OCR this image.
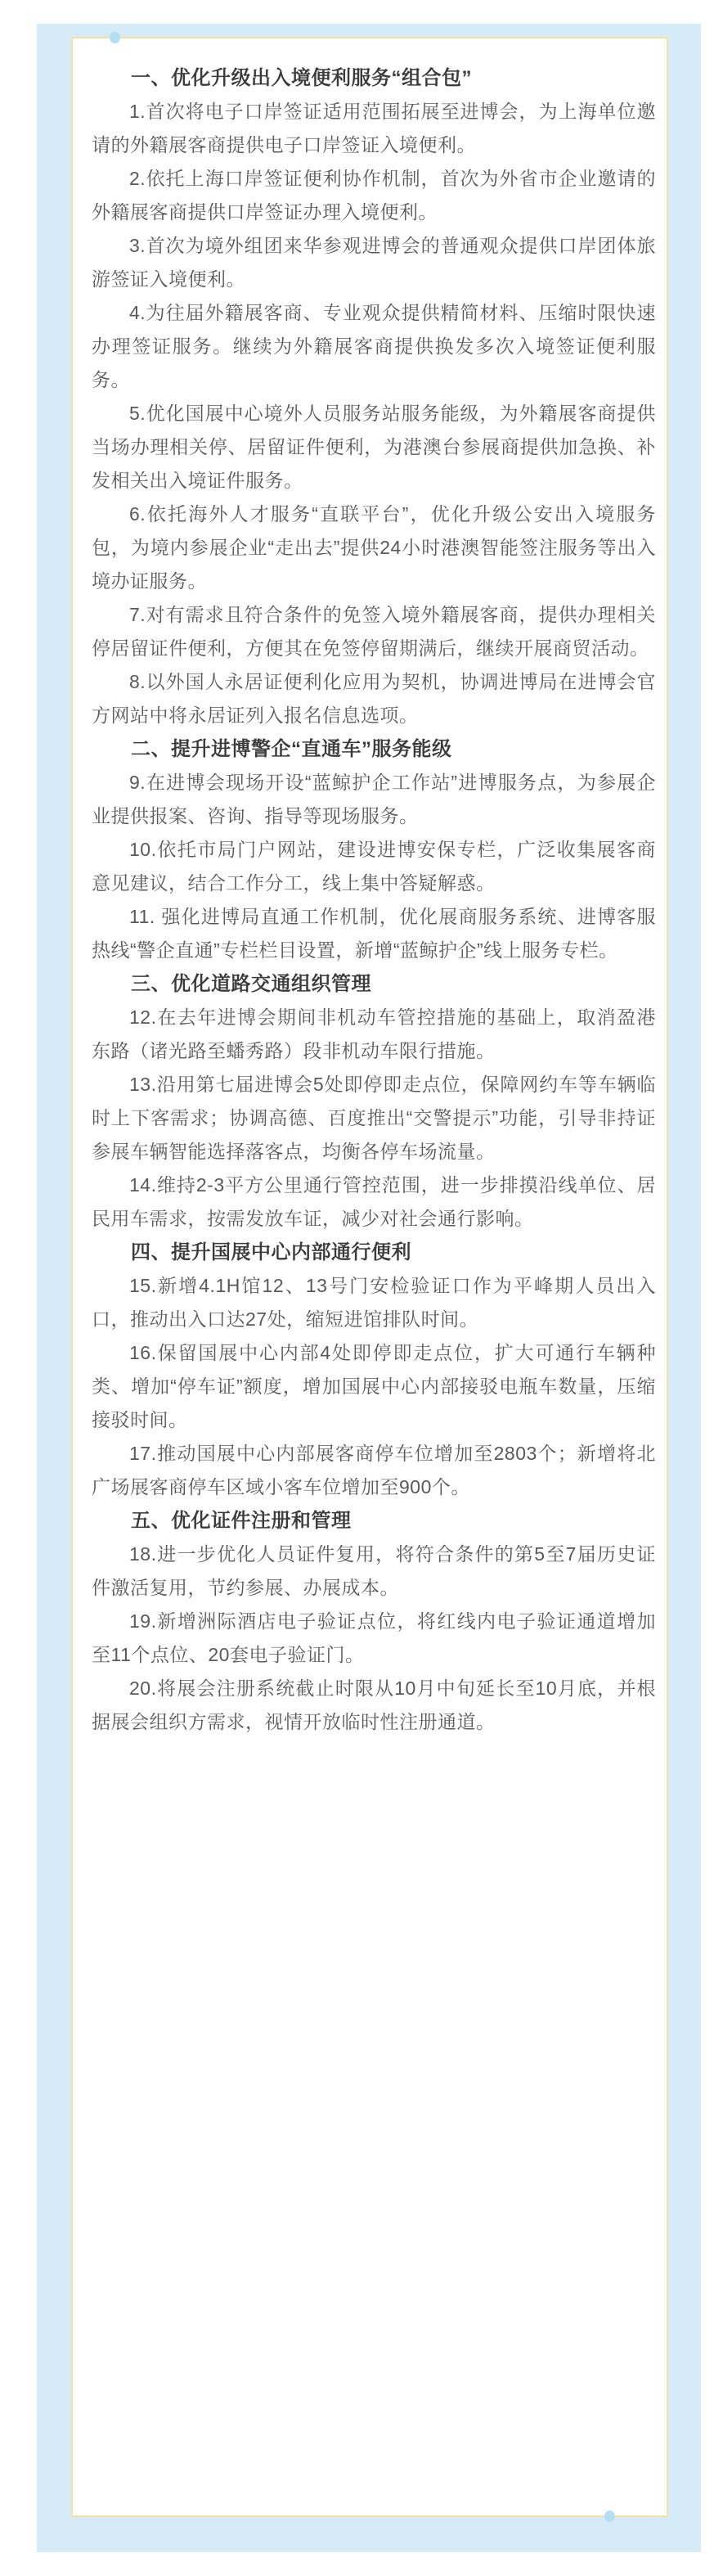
一、优化升级出入境便利服务“组合包”

1.首次将电子口岸签证适用范围拓展至进博会，为上海单位邀请的外籍展客商提供电子口岸签证入境便利。

2.依托上海口岸签证便利协作机制，首次为外省市企业邀请的外籍展客商提供口岸签证办理入境便利。

3.首次为境外组团来华参观进博会的普通观众提供口岸团体旅游签证入境便利。

4.为往届外籍展客商、专业观众提供精简材料、压缩时限快速办理签证服务。继续为外籍展客商提供换发多次入境签证便利服务。

5.优化国展中心境外人员服务站服务能级，为外籍展客商提供当场办理相关停、居留证件便利，为港澳台参展商提供加急换、补发相关出入境证件服务。

6.依托海外人才服务“直联平台”，优化升级公安出入境服务包，为境内参展企业“走出去”提供24小时港澳智能签注服务等出入境办证服务。

7.对有需求且符合条件的免签入境外籍展客商，提供办理相关停居留证件便利，方便其在免签停留期满后，继续开展商贸活动。

8.以外国人永居证便利化应用为契机，协调进博局在进博会官方网站中将永居证列入报名信息选项。

二、提升进博警企“直通车”服务能级

9.在进博会现场开设“蓝鲸护企工作站”进博服务点，为参展企业提供报案、咨询、指导等现场服务。

10.依托市局门户网站，建设进博安保专栏，广泛收集展客商意见建议，结合工作分工，线上集中答疑解惑。

11. 强化进博局直通工作机制，优化展商服务系统、进博客服热线“警企直通”专栏栏目设置，新增“蓝鲸护企”线上服务专栏。

三、优化道路交通组织管理

12.在去年进博会期间非机动车管控措施的基础上，取消盈港东路（诸光路至蟠秀路）段非机动车限行措施。

13.沿用第七届进博会5处即停即走点位，保障网约车等车辆临时上下客需求；协调高德、百度推出“交警提示”功能，引导非持证参展车辆智能选择落客点，均衡各停车场流量。

14.维持2-3平方公里通行管控范围，进一步排摸沿线单位、居民用车需求，按需发放车证，减少对社会通行影响。

四、提升国展中心内部通行便利

15.新增4.1H馆12、13号门安检验证口作为平峰期人员出入口，推动出入口达27处，缩短进馆排队时间。

16.保留国展中心内部4处即停即走点位，扩大可通行车辆种类、增加“停车证”额度，增加国展中心内部接驳电瓶车数量，压缩接驳时间。

17.推动国展中心内部展客商停车位增加至2803个；新增将北广场展客商停车区域小客车位增加至900个。

五、优化证件注册和管理

18.进一步优化人员证件复用，将符合条件的第5至7届历史证件激活复用，节约参展、办展成本。

19.新增洲际酒店电子验证点位，将红线内电子验证通道增加至11个点位、20套电子验证门。

20.将展会注册系统截止时限从10月中旬延长至10月底，并根据展会组织方需求，视情开放临时性注册通道。
